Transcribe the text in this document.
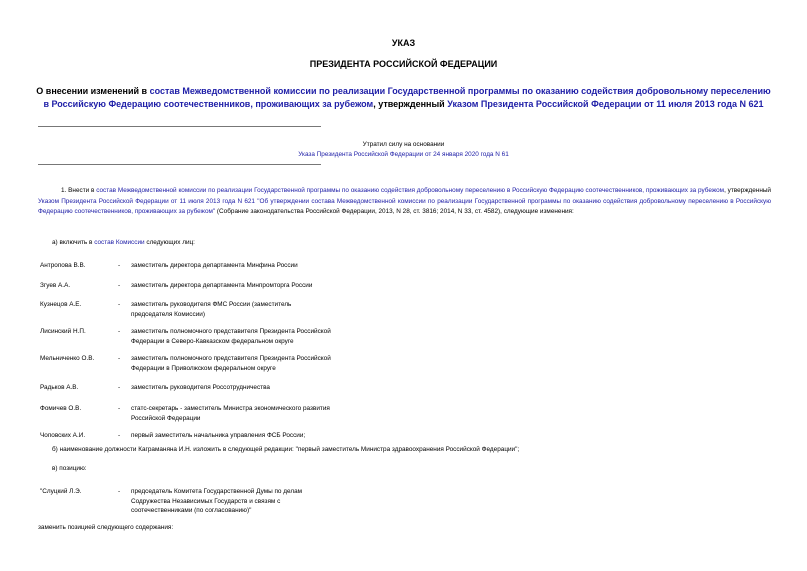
УКАЗ
ПРЕЗИДЕНТА РОССИЙСКОЙ ФЕДЕРАЦИИ
О внесении изменений в состав Межведомственной комиссии по реализации Государственной программы по оказанию содействия добровольному переселению в Российскую Федерацию соотечественников, проживающих за рубежом, утвержденный Указом Президента Российской Федерации от 11 июля 2013 года N 621
Утратил силу на основании
Указа Президента Российской Федерации от 24 января 2020 года N 61
1. Внести в состав Межведомственной комиссии по реализации Государственной программы по оказанию содействия добровольному переселению в Российскую Федерацию соотечественников, проживающих за рубежом, утвержденный Указом Президента Российской Федерации от 11 июля 2013 года N 621 "Об утверждении состава Межведомственной комиссии по реализации Государственной программы по оказанию содействия добровольному переселению в Российскую Федерацию соотечественников, проживающих за рубежом" (Собрание законодательства Российской Федерации, 2013, N 28, ст. 3816; 2014, N 33, ст. 4582), следующие изменения:
а) включить в состав Комиссии следующих лиц:
Антропова В.В.	- заместитель директора департамента Минфина России

Згуев А.А.	- заместитель директора департамента Минпромторга России

Кузнецов А.Е.	- заместитель руководителя ФМС России (заместитель
председателя Комиссии)
Лисинский Н.П.	- заместитель полномочного представителя Президента Российской
Федерации в Северо-Кавказском федеральном округе
Мельниченко О.В.	- заместитель полномочного представителя Президента Российской
Федерации в Приволжском федеральном округе
Радьков А.В.	- заместитель руководителя Россотрудничества

Фомичев О.В.	- статс-секретарь - заместитель Министра экономического развития
Российской Федерации
Чоповских А.И.	- первый заместитель начальника управления ФСБ России;

б) наименование должности Каграманяна И.Н. изложить в следующей редакции: "первый заместитель Министра здравоохранения Российской Федерации";
в) позицию:
"Слуцкий Л.Э.	- председатель Комитета Государственной Думы по делам
Содружества Независимых Государств и связям с
соотечественниками (по согласованию)"
заменить позицией следующего содержания:
